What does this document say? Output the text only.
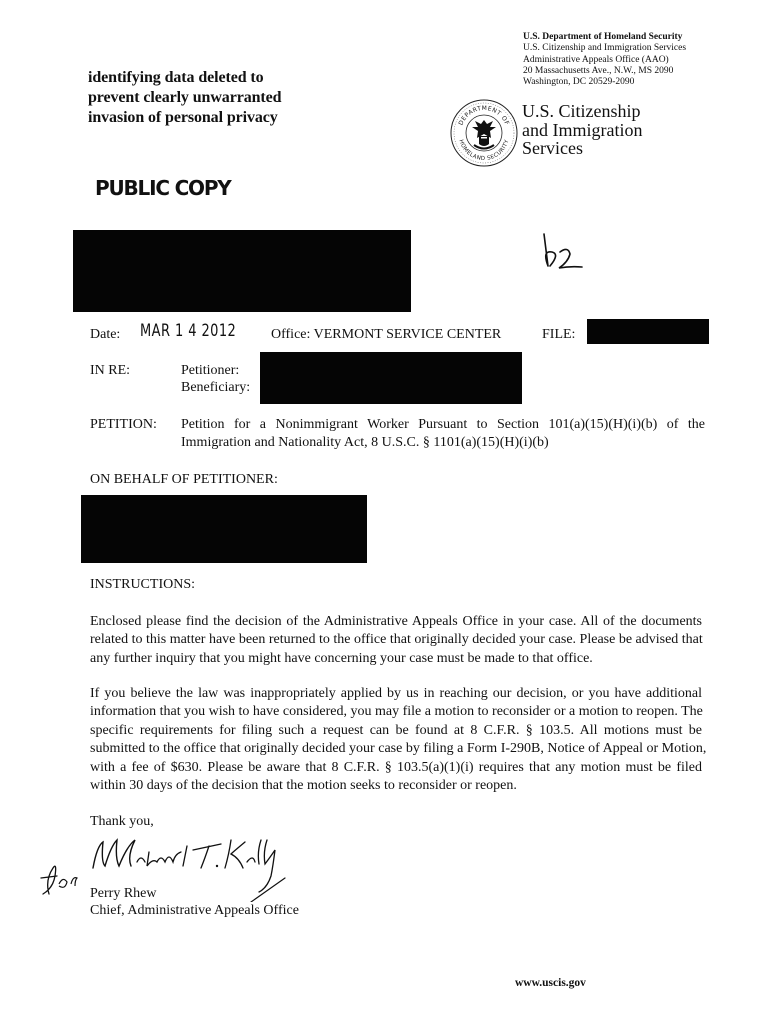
identifying data deleted to
prevent clearly unwarranted
invasion of personal privacy
U.S. Department of Homeland Security
U.S. Citizenship and Immigration Services
Administrative Appeals Office (AAO)
20 Massachusetts Ave., N.W., MS 2090
Washington, DC 20529-2090
DEPARTMENT OF
HOMELAND SECURITY
U.S. Citizenship
and Immigration
Services
PUBLIC COPY
Date: MAR 1 4 2012 Office: VERMONT SERVICE CENTER	FILE:
IN RE:	Petitioner:
Beneficiary:
PETITION: Petition for a Nonimmigrant Worker Pursuant to Section 101(a)(15)(H)(i)(b) of the
Immigration and Nationality Act, 8 U.S.C. § 1101(a)(15)(H)(i)(b)
ON BEHALF OF PETITIONER:
INSTRUCTIONS:
Enclosed please find the decision of the Administrative Appeals Office in your case. All of the documents
related to this matter have been returned to the office that originally decided your case. Please be advised that
any further inquiry that you might have concerning your case must be made to that office.
If you believe the law was inappropriately applied by us in reaching our decision, or you have additional
information that you wish to have considered, you may file a motion to reconsider or a motion to reopen. The
specific requirements for filing such a request can be found at 8 C.F.R. § 103.5. All motions must be
submitted to the office that originally decided your case by filing a Form I-290B, Notice of Appeal or Motion,
with a fee of $630. Please be aware that 8 C.F.R. § 103.5(a)(1)(i) requires that any motion must be filed
within 30 days of the decision that the motion seeks to reconsider or reopen.
Thank you,
Perry Rhew
Chief, Administrative Appeals Office
www.uscis.gov
